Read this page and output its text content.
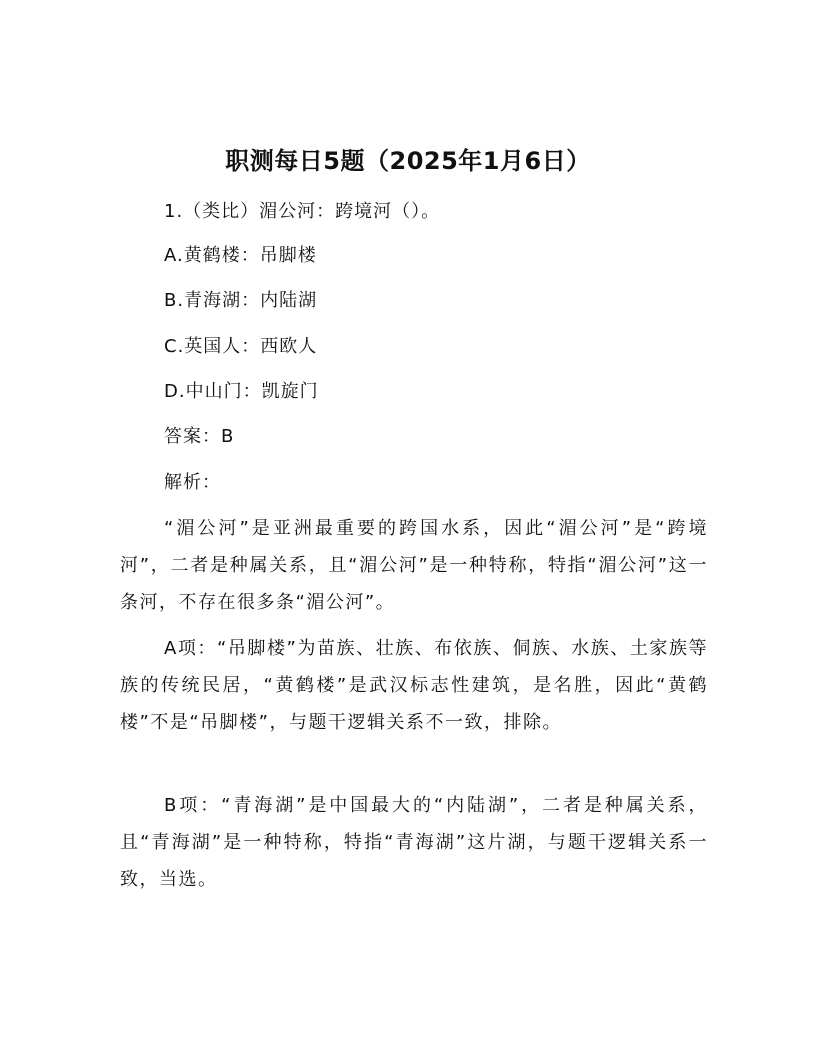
职测每日5题（2025年1月6日）
1.（类比）湄公河：跨境河（）。
A.黄鹤楼：吊脚楼
B.青海湖：内陆湖
C.英国人：西欧人
D.中山门：凯旋门
答案：B
解析：
“湄公河”是亚洲最重要的跨国水系，因此“湄公河”是“跨境河”，二者是种属关系，且“湄公河”是一种特称，特指“湄公河”这一条河，不存在很多条“湄公河”。
A项：“吊脚楼”为苗族、壮族、布依族、侗族、水族、土家族等族的传统民居，“黄鹤楼”是武汉标志性建筑，是名胜，因此“黄鹤楼”不是“吊脚楼”，与题干逻辑关系不一致，排除。
B项：“青海湖”是中国最大的“内陆湖”，二者是种属关系，且“青海湖”是一种特称，特指“青海湖”这片湖，与题干逻辑关系一致，当选。
